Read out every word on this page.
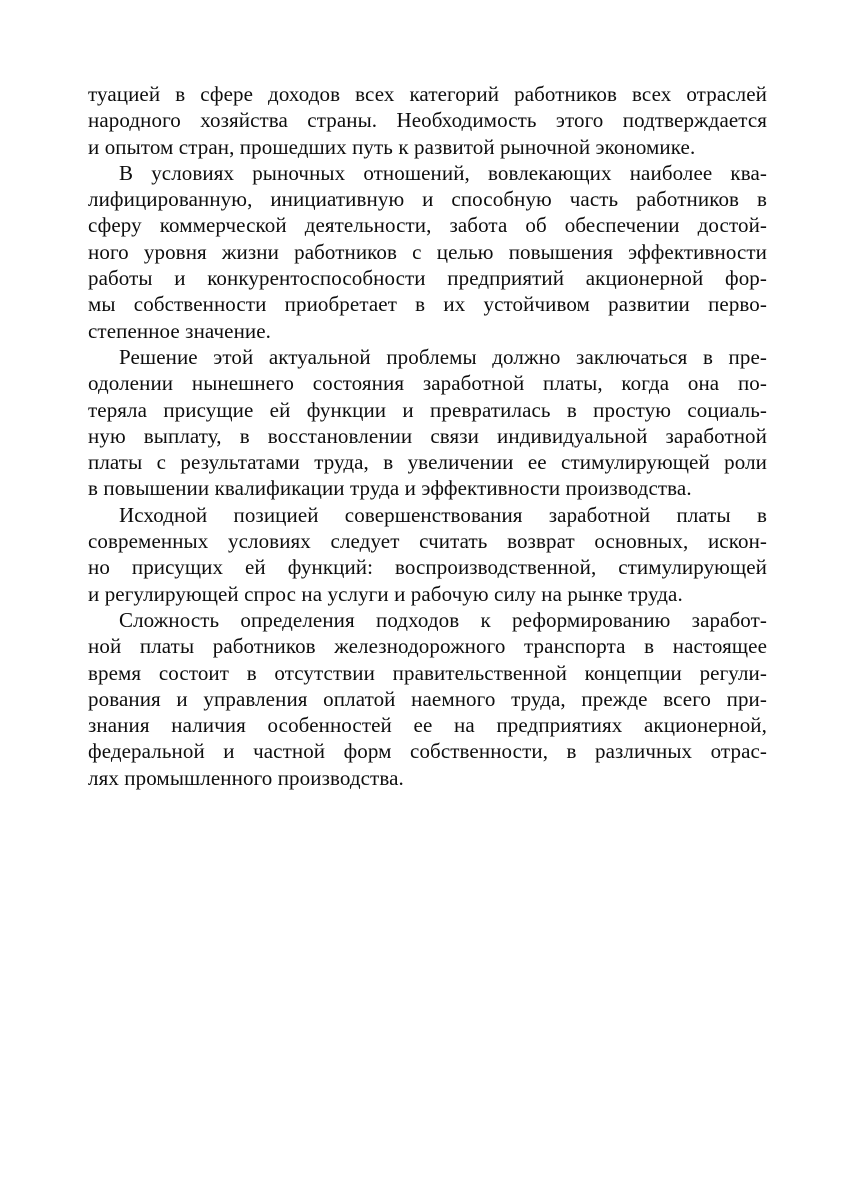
туацией в сфере доходов всех категорий работников всех отраслей
народного хозяйства страны. Необходимость этого подтверждается
и опытом стран, прошедших путь к развитой рыночной экономике.
В условиях рыночных отношений, вовлекающих наиболее ква-
лифицированную, инициативную и способную часть работников в
сферу коммерческой деятельности, забота об обеспечении достой-
ного уровня жизни работников с целью повышения эффективности
работы и конкурентоспособности предприятий акционерной фор-
мы собственности приобретает в их устойчивом развитии перво-
степенное значение.
Решение этой актуальной проблемы должно заключаться в пре-
одолении нынешнего состояния заработной платы, когда она по-
теряла присущие ей функции и превратилась в простую социаль-
ную выплату, в восстановлении связи индивидуальной заработной
платы с результатами труда, в увеличении ее стимулирующей роли
в повышении квалификации труда и эффективности производства.
Исходной позицией совершенствования заработной платы в
современных условиях следует считать возврат основных, искон-
но присущих ей функций: воспроизводственной, стимулирующей
и регулирующей спрос на услуги и рабочую силу на рынке труда.
Сложность определения подходов к реформированию заработ-
ной платы работников железнодорожного транспорта в настоящее
время состоит в отсутствии правительственной концепции регули-
рования и управления оплатой наемного труда, прежде всего при-
знания наличия особенностей ее на предприятиях акционерной,
федеральной и частной форм собственности, в различных отрас-
лях промышленного производства.
